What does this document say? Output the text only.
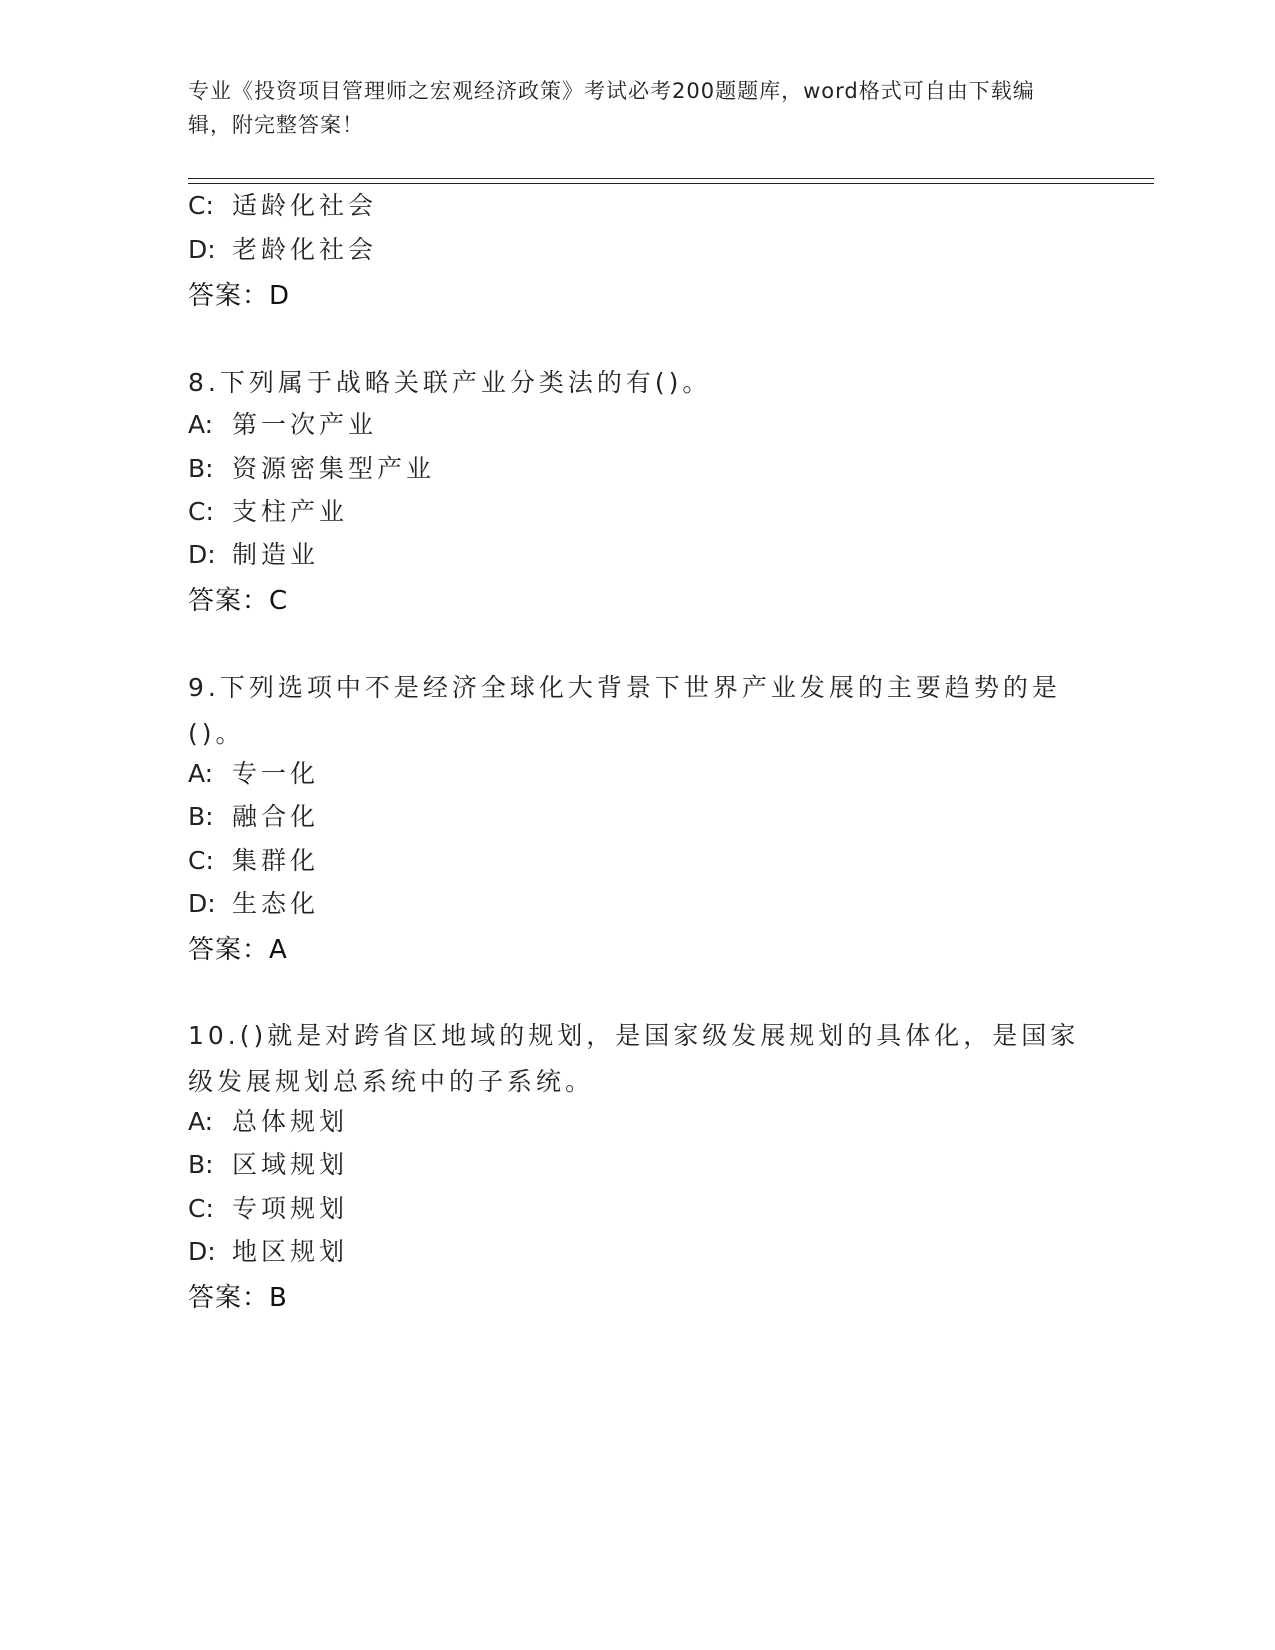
专业《投资项目管理师之宏观经济政策》考试必考200题题库，word格式可自由下载编辑，附完整答案！
C: 适龄化社会
D: 老龄化社会
答案：D
8.下列属于战略关联产业分类法的有()。
A: 第一次产业
B: 资源密集型产业
C: 支柱产业
D: 制造业
答案：C
9.下列选项中不是经济全球化大背景下世界产业发展的主要趋势的是()。
A: 专一化
B: 融合化
C: 集群化
D: 生态化
答案：A
10.()就是对跨省区地域的规划，是国家级发展规划的具体化，是国家级发展规划总系统中的子系统。
A: 总体规划
B: 区域规划
C: 专项规划
D: 地区规划
答案：B
